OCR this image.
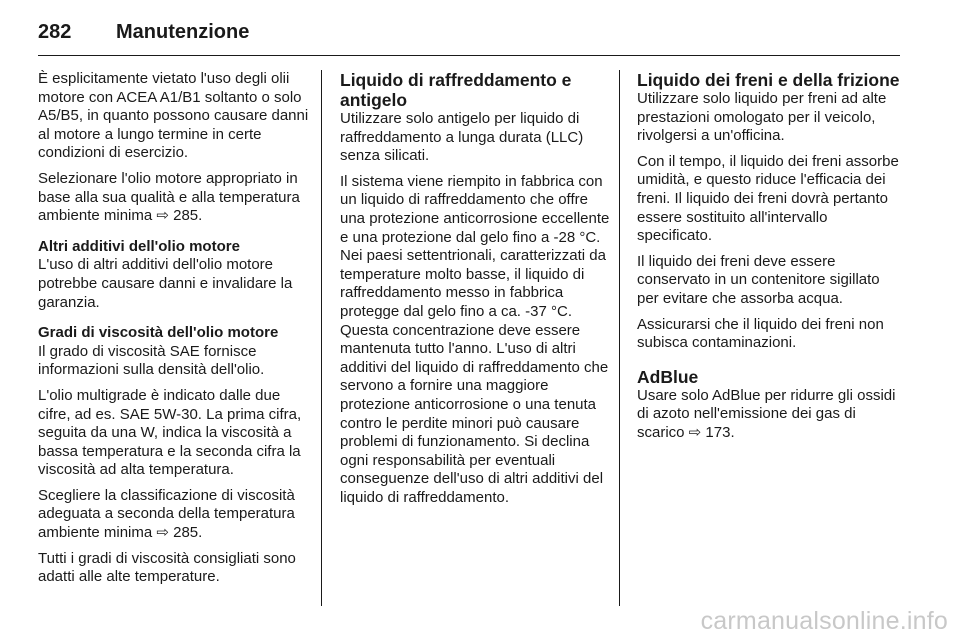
282	Manutenzione

È esplicitamente vietato l'uso degli olii motore con ACEA A1/B1 soltanto o solo A5/B5, in quanto possono causare danni al motore a lungo termine in certe condizioni di esercizio.

Selezionare l'olio motore appropriato in base alla sua qualità e alla temperatura ambiente minima ⇨ 285.

Altri additivi dell'olio motore

L'uso di altri additivi dell'olio motore potrebbe causare danni e invalidare la garanzia.

Gradi di viscosità dell'olio motore

Il grado di viscosità SAE fornisce informazioni sulla densità dell'olio.

L'olio multigrade è indicato dalle due cifre, ad es. SAE 5W-30. La prima cifra, seguita da una W, indica la viscosità a bassa temperatura e la seconda cifra la viscosità ad alta temperatura.

Scegliere la classificazione di viscosità adeguata a seconda della temperatura ambiente minima ⇨ 285.

Tutti i gradi di viscosità consigliati sono adatti alle alte temperature.

Liquido di raffreddamento e antigelo

Utilizzare solo antigelo per liquido di raffreddamento a lunga durata (LLC) senza silicati.

Il sistema viene riempito in fabbrica con un liquido di raffreddamento che offre una protezione anticorrosione eccellente e una protezione dal gelo fino a -28 °C. Nei paesi settentrionali, caratterizzati da temperature molto basse, il liquido di raffreddamento messo in fabbrica protegge dal gelo fino a ca. -37 °C. Questa concentrazione deve essere mantenuta tutto l'anno. L'uso di altri additivi del liquido di raffreddamento che servono a fornire una maggiore protezione anticorrosione o una tenuta contro le perdite minori può causare problemi di funzionamento. Si declina ogni responsabilità per eventuali conseguenze dell'uso di altri additivi del liquido di raffreddamento.

Liquido dei freni e della frizione

Utilizzare solo liquido per freni ad alte prestazioni omologato per il veicolo, rivolgersi a un'officina.

Con il tempo, il liquido dei freni assorbe umidità, e questo riduce l'efficacia dei freni. Il liquido dei freni dovrà pertanto essere sostituito all'intervallo specificato.

Il liquido dei freni deve essere conservato in un contenitore sigillato per evitare che assorba acqua.

Assicurarsi che il liquido dei freni non subisca contaminazioni.

AdBlue

Usare solo AdBlue per ridurre gli ossidi di azoto nell'emissione dei gas di scarico ⇨ 173.

carmanualsonline.info
